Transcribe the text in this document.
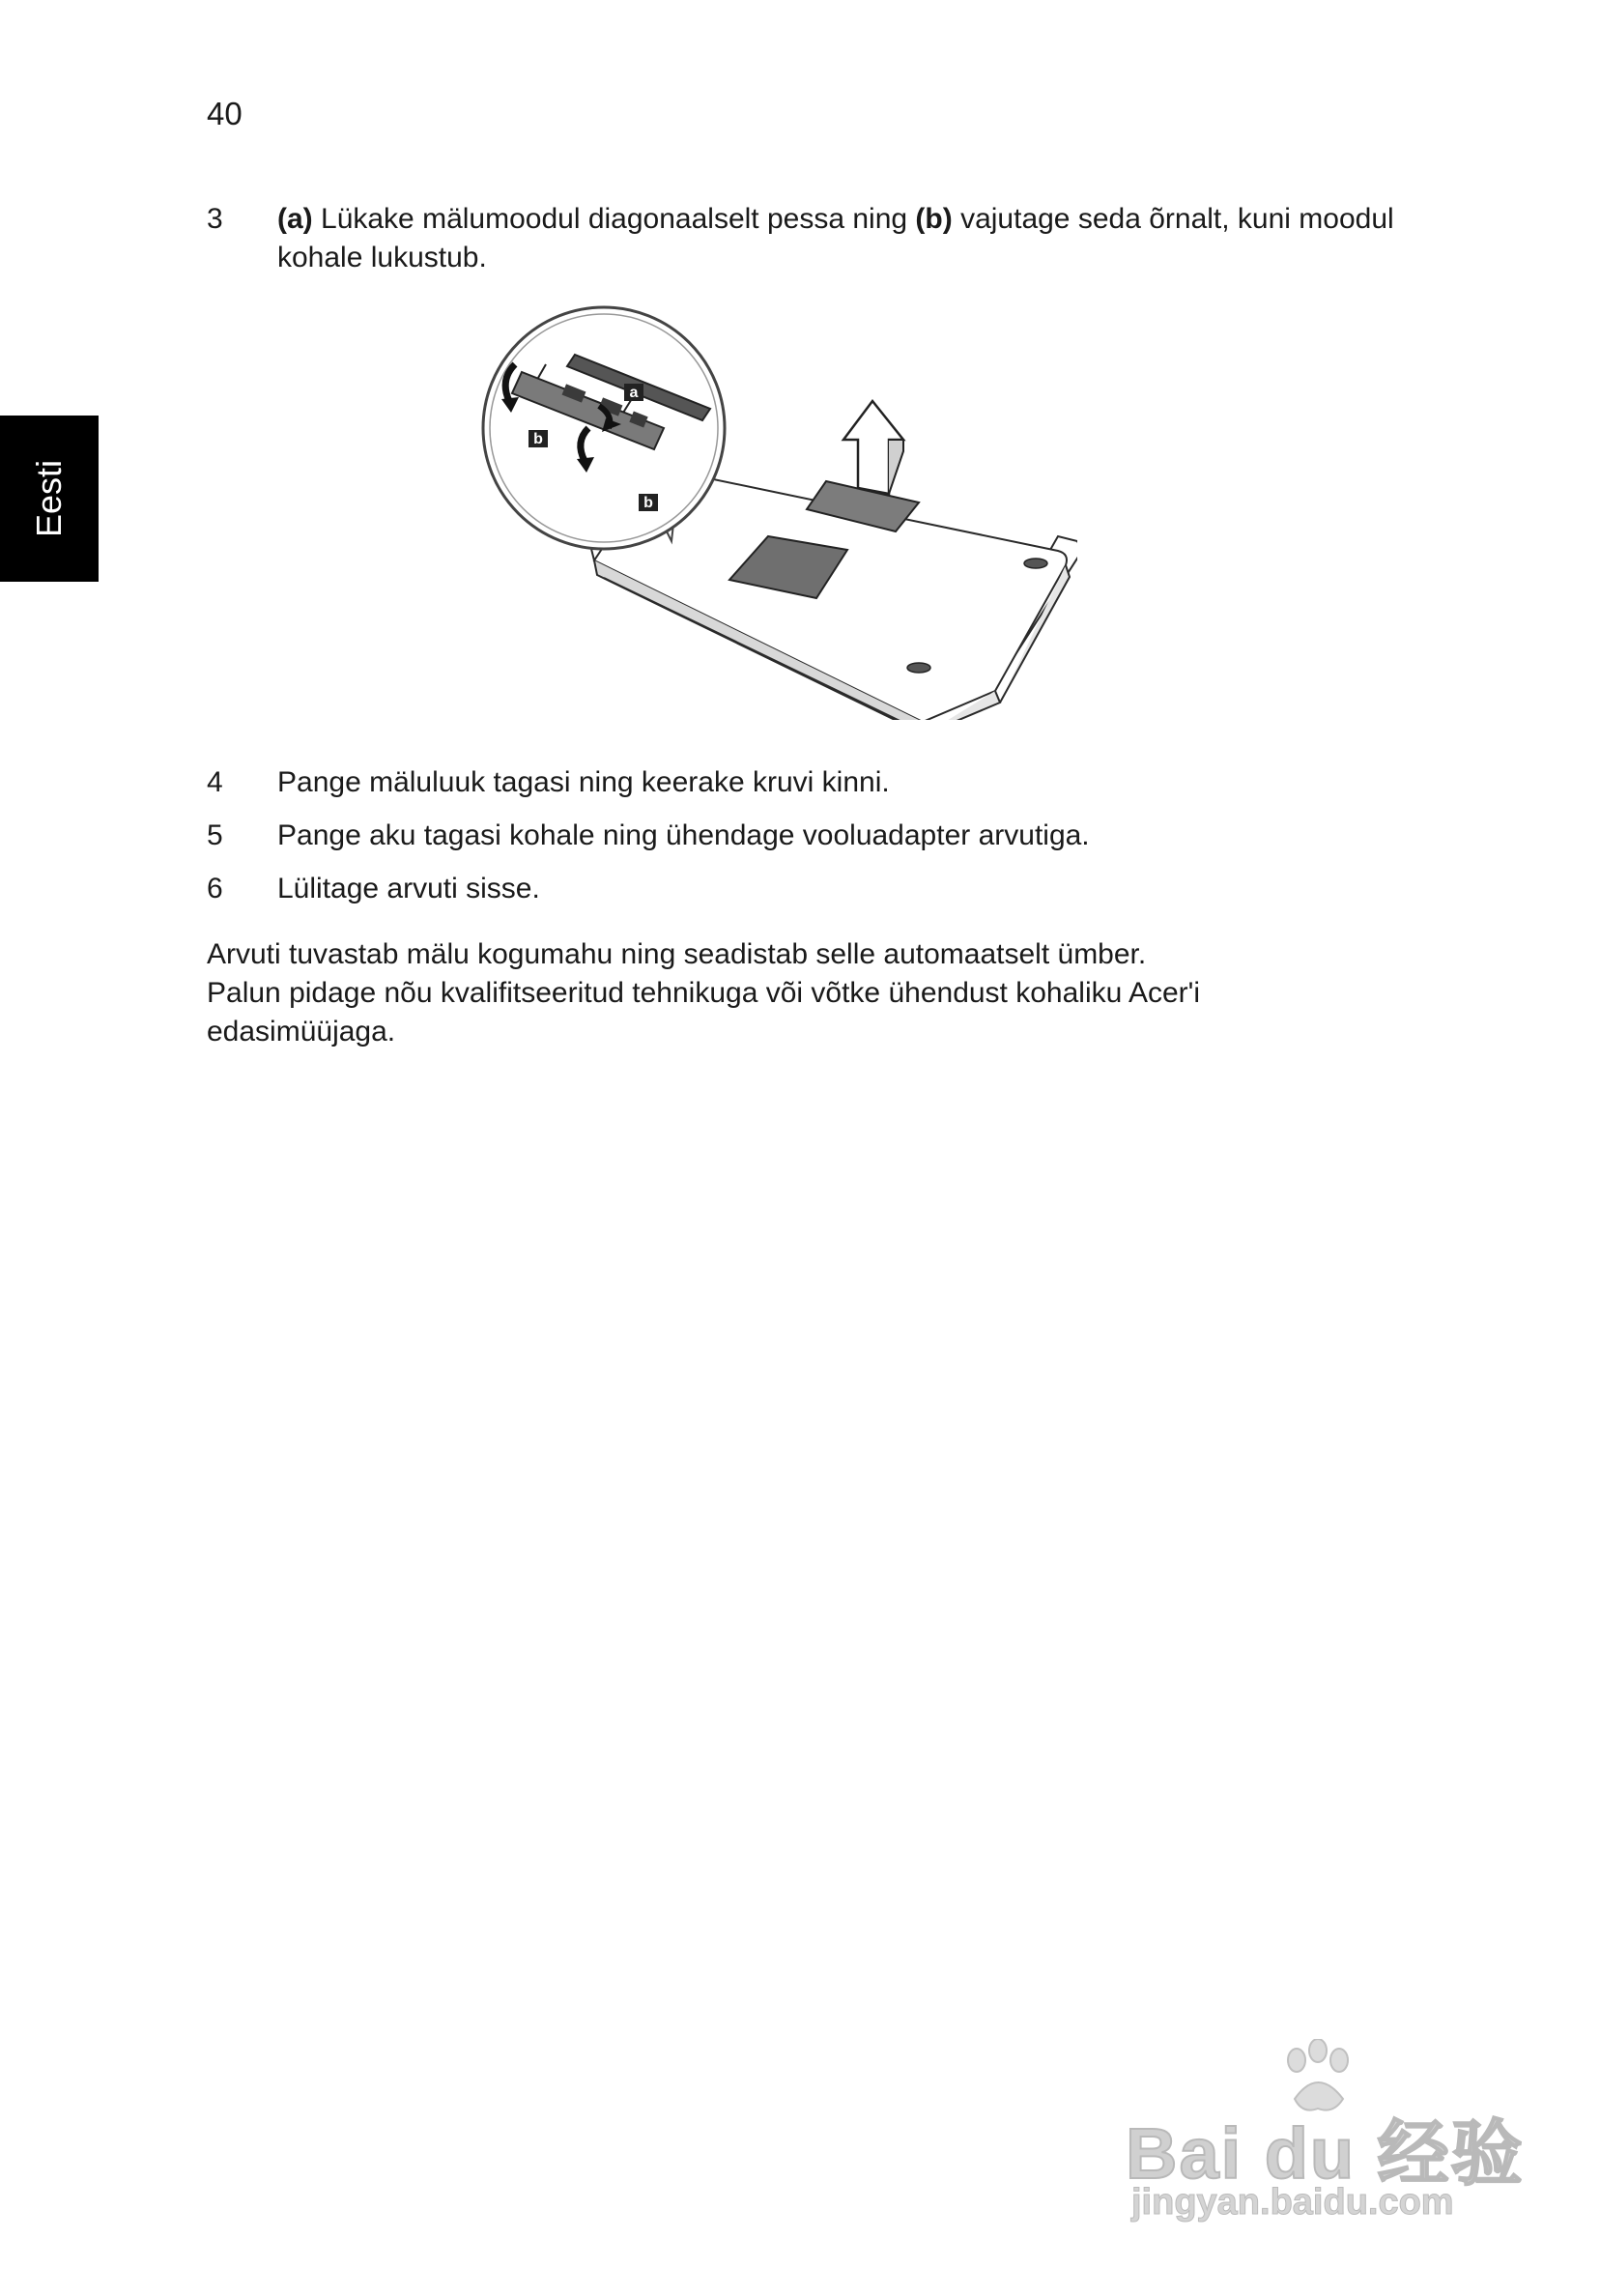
40
Eesti
3	(a) Lükake mälumoodul diagonaalselt pessa ning (b) vajutage seda õrnalt, kuni moodul kohale lukustub.
a
b
b
4	Pange mäluluuk tagasi ning keerake kruvi kinni.
5	Pange aku tagasi kohale ning ühendage vooluadapter arvutiga.
6	Lülitage arvuti sisse.
Arvuti tuvastab mälu kogumahu ning seadistab selle automaatselt ümber.
Palun pidage nõu kvalifitseeritud tehnikuga või võtke ühendust kohaliku Acer'i
edasimüüjaga.
Bai du 经验
jingyan.baidu.com
